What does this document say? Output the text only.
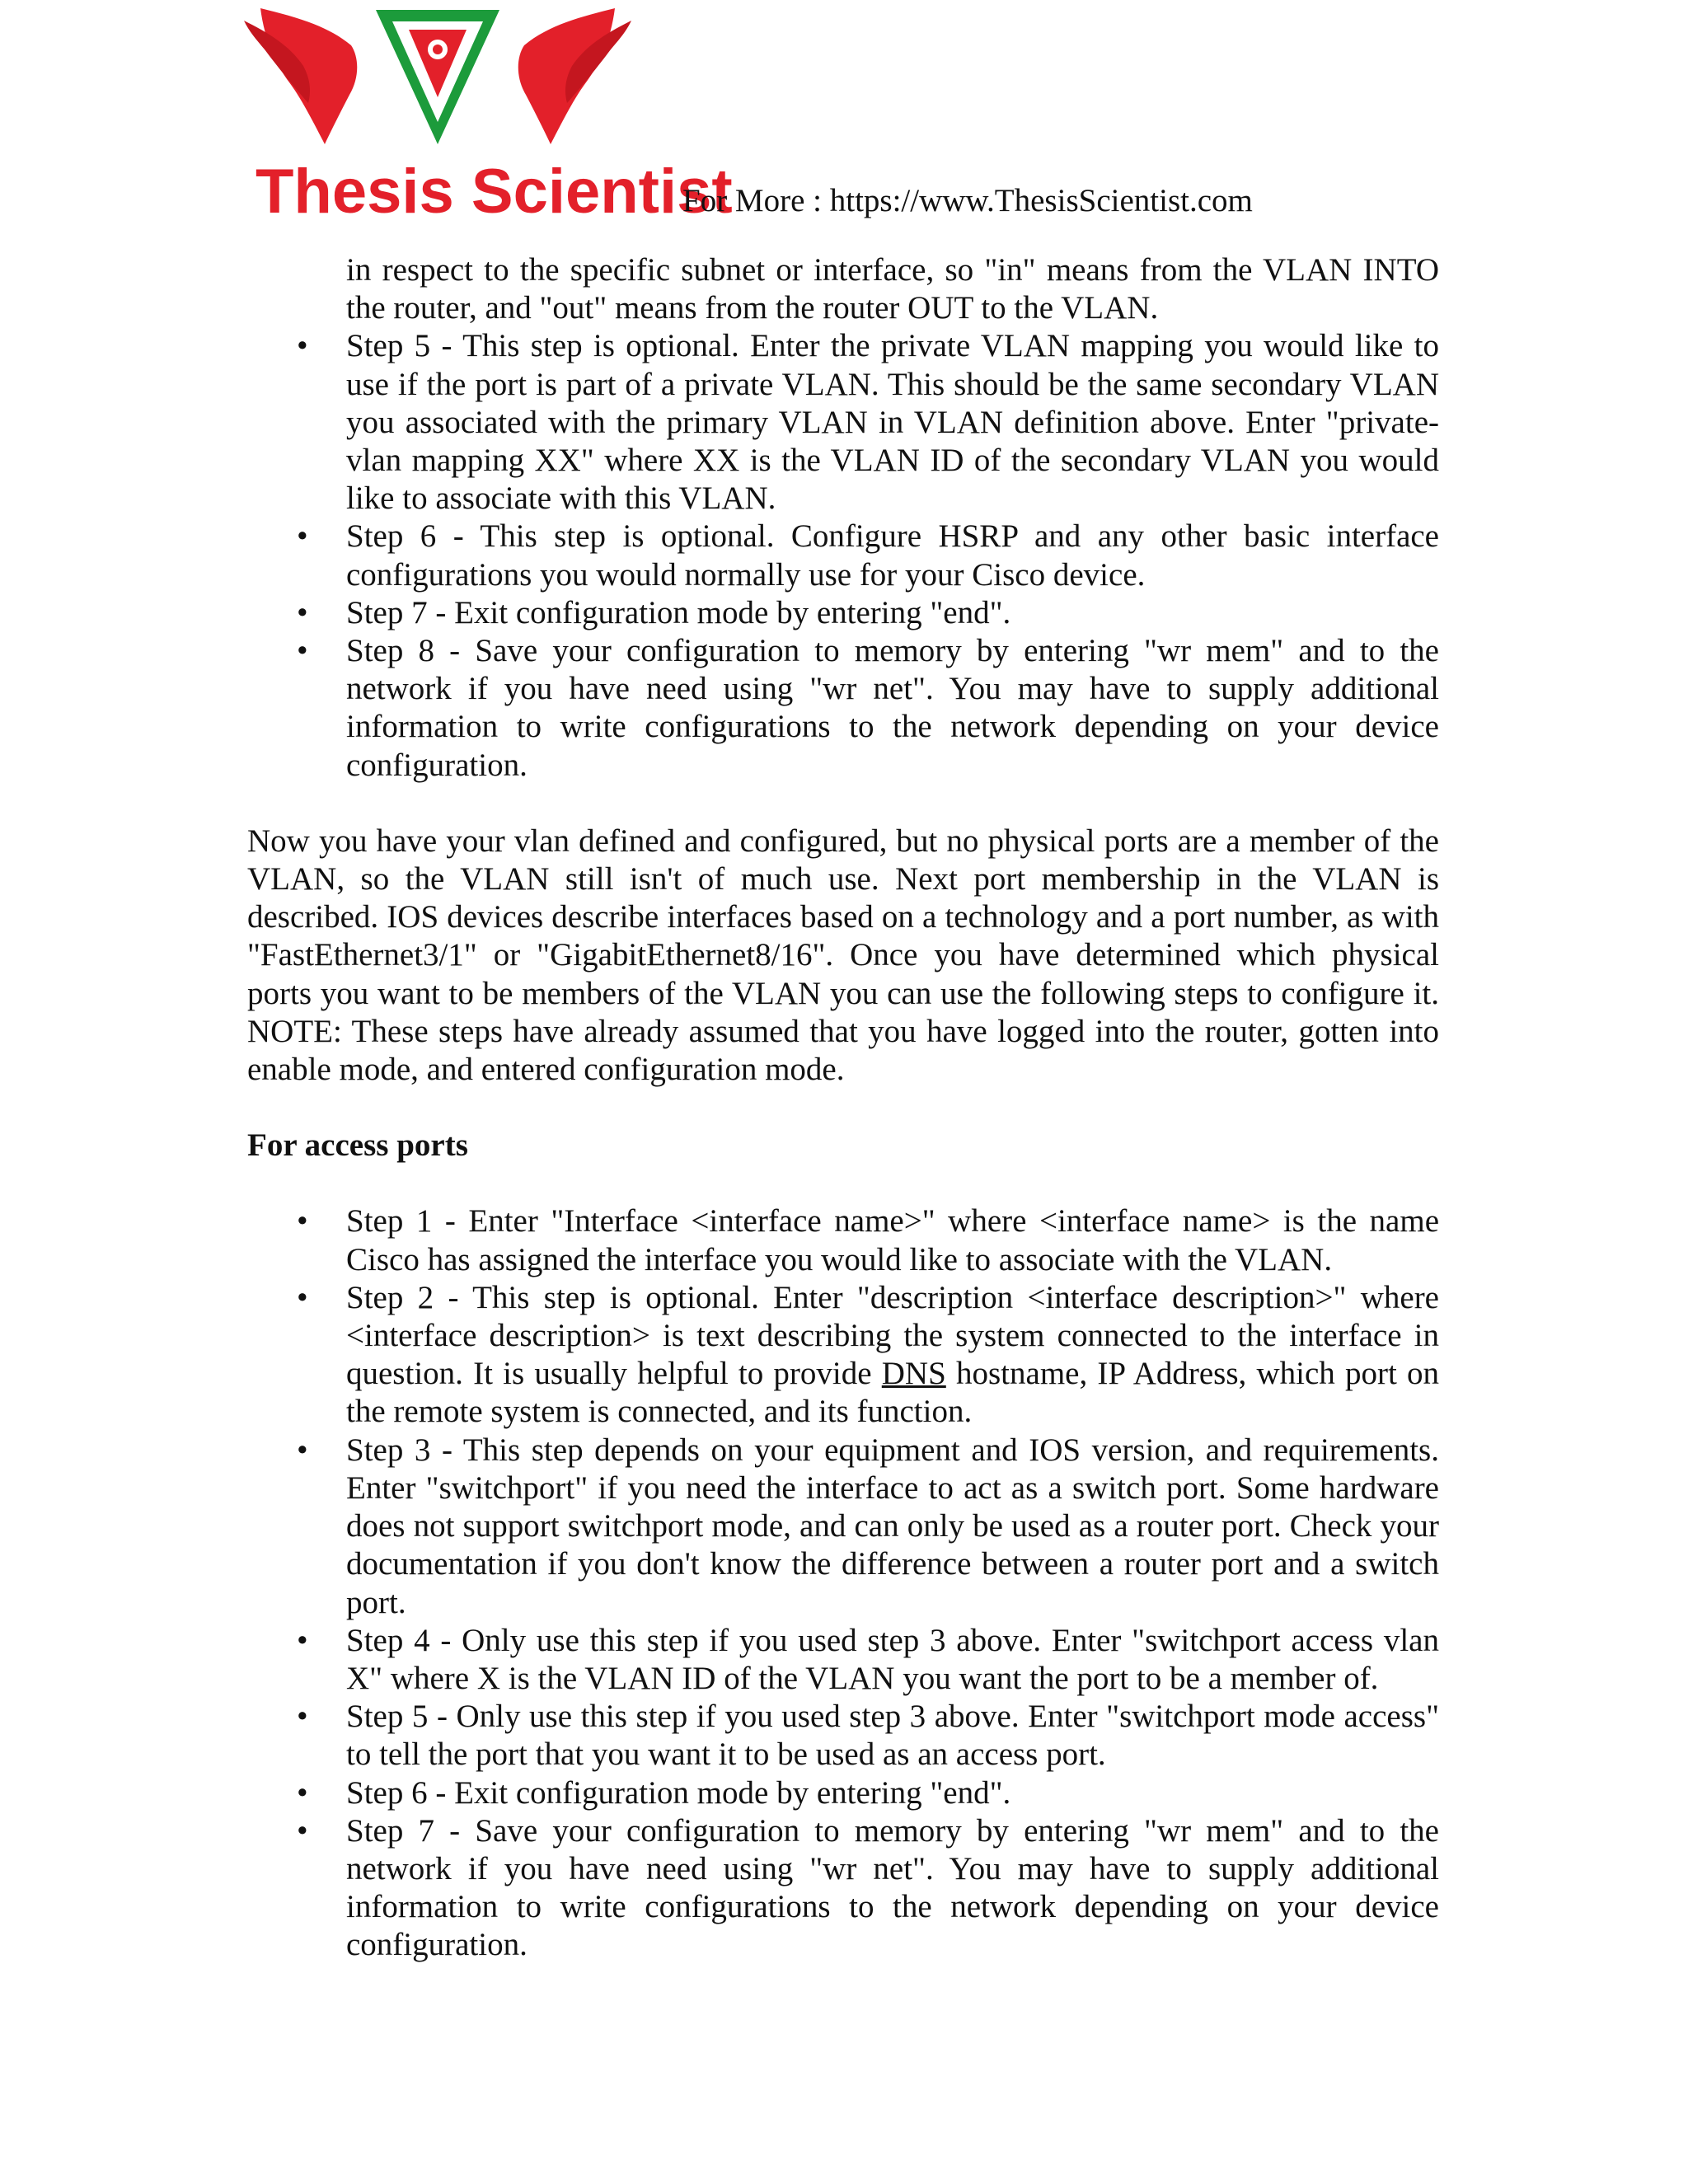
Thesis Scientist
For More : https://www.ThesisScientist.com

in respect to the specific subnet or interface, so "in" means from the VLAN INTO the router, and "out" means from the router OUT to the VLAN.

•	Step 5 - This step is optional. Enter the private VLAN mapping you would like to use if the port is part of a private VLAN. This should be the same secondary VLAN you associated with the primary VLAN in VLAN definition above. Enter "private-vlan mapping XX" where XX is the VLAN ID of the secondary VLAN you would like to associate with this VLAN.
•	Step 6 - This step is optional. Configure HSRP and any other basic interface configurations you would normally use for your Cisco device.
•	Step 7 - Exit configuration mode by entering "end".
•	Step 8 - Save your configuration to memory by entering "wr mem" and to the network if you have need using "wr net". You may have to supply additional information to write configurations to the network depending on your device configuration.

Now you have your vlan defined and configured, but no physical ports are a member of the VLAN, so the VLAN still isn't of much use. Next port membership in the VLAN is described. IOS devices describe interfaces based on a technology and a port number, as with "FastEthernet3/1" or "GigabitEthernet8/16". Once you have determined which physical ports you want to be members of the VLAN you can use the following steps to configure it. NOTE: These steps have already assumed that you have logged into the router, gotten into enable mode, and entered configuration mode.

For access ports

•	Step 1 - Enter "Interface <interface name>" where <interface name> is the name Cisco has assigned the interface you would like to associate with the VLAN.
•	Step 2 - This step is optional. Enter "description <interface description>" where <interface description> is text describing the system connected to the interface in question. It is usually helpful to provide DNS hostname, IP Address, which port on the remote system is connected, and its function.
•	Step 3 - This step depends on your equipment and IOS version, and requirements. Enter "switchport" if you need the interface to act as a switch port. Some hardware does not support switchport mode, and can only be used as a router port. Check your documentation if you don't know the difference between a router port and a switch port.
•	Step 4 - Only use this step if you used step 3 above. Enter "switchport access vlan X" where X is the VLAN ID of the VLAN you want the port to be a member of.
•	Step 5 - Only use this step if you used step 3 above. Enter "switchport mode access" to tell the port that you want it to be used as an access port.
•	Step 6 - Exit configuration mode by entering "end".
•	Step 7 - Save your configuration to memory by entering "wr mem" and to the network if you have need using "wr net". You may have to supply additional information to write configurations to the network depending on your device configuration.
